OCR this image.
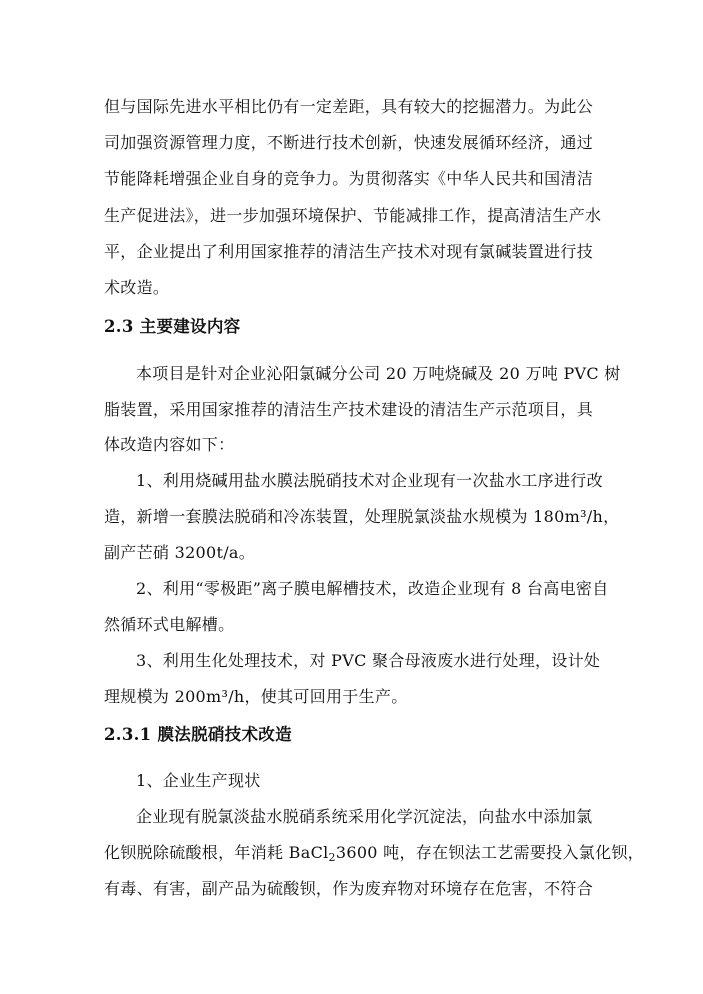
但与国际先进水平相比仍有一定差距，具有较大的挖掘潜力。为此公
司加强资源管理力度，不断进行技术创新，快速发展循环经济，通过
节能降耗增强企业自身的竞争力。为贯彻落实《中华人民共和国清洁
生产促进法》，进一步加强环境保护、节能减排工作，提高清洁生产水
平，企业提出了利用国家推荐的清洁生产技术对现有氯碱装置进行技
术改造。
2.3 主要建设内容
本项目是针对企业沁阳氯碱分公司 20 万吨烧碱及 20 万吨 PVC 树
脂装置，采用国家推荐的清洁生产技术建设的清洁生产示范项目，具
体改造内容如下：
1、利用烧碱用盐水膜法脱硝技术对企业现有一次盐水工序进行改
造，新增一套膜法脱硝和冷冻装置，处理脱氯淡盐水规模为 180m³/h，
副产芒硝 3200t/a。
2、利用“零极距”离子膜电解槽技术，改造企业现有 8 台高电密自
然循环式电解槽。
3、利用生化处理技术，对 PVC 聚合母液废水进行处理，设计处
理规模为 200m³/h，使其可回用于生产。
2.3.1 膜法脱硝技术改造
1、企业生产现状
企业现有脱氯淡盐水脱硝系统采用化学沉淀法，向盐水中添加氯
化钡脱除硫酸根，年消耗 BaCl$_2$3600 吨，存在钡法工艺需要投入氯化钡，
有毒、有害，副产品为硫酸钡，作为废弃物对环境存在危害，不符合
